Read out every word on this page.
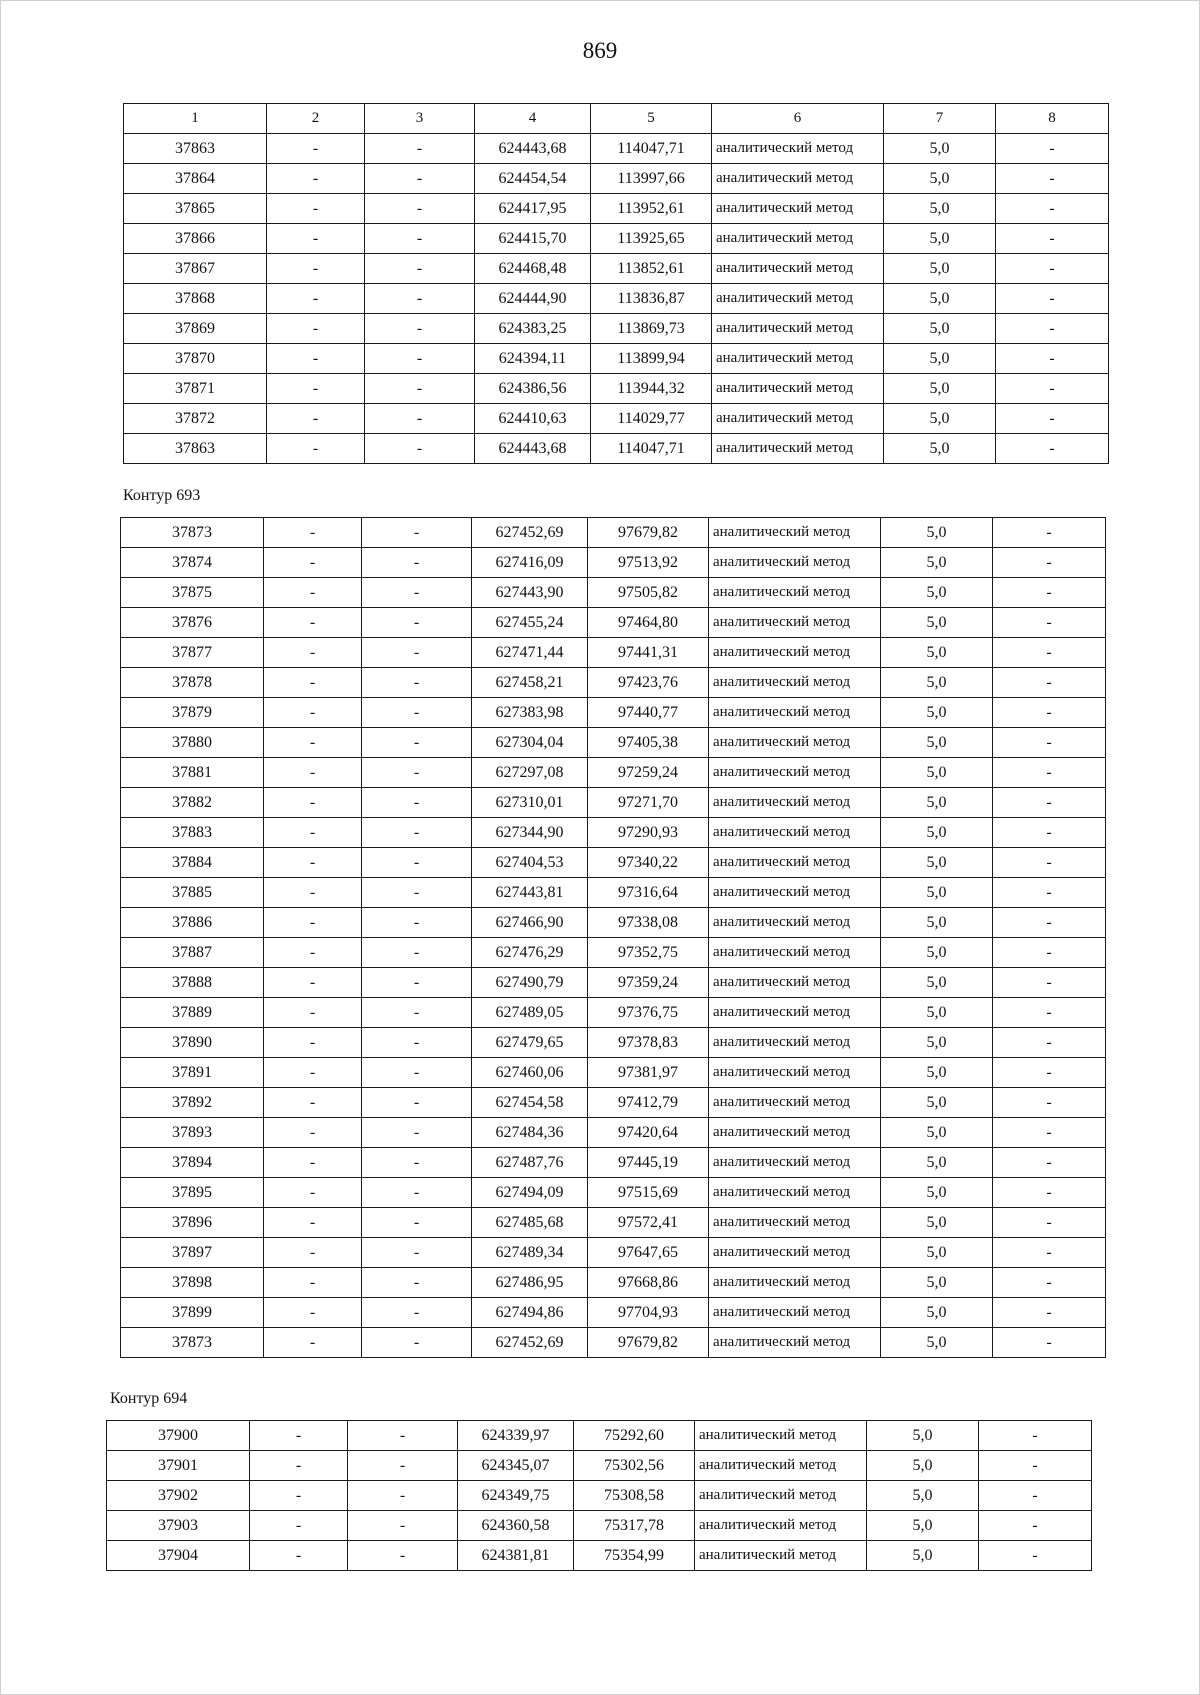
869
1	2	3	4	5	6	7	8
37863	-	-	624443,68	114047,71	аналитический метод	5,0	-
37864	-	-	624454,54	113997,66	аналитический метод	5,0	-
37865	-	-	624417,95	113952,61	аналитический метод	5,0	-
37866	-	-	624415,70	113925,65	аналитический метод	5,0	-
37867	-	-	624468,48	113852,61	аналитический метод	5,0	-
37868	-	-	624444,90	113836,87	аналитический метод	5,0	-
37869	-	-	624383,25	113869,73	аналитический метод	5,0	-
37870	-	-	624394,11	113899,94	аналитический метод	5,0	-
37871	-	-	624386,56	113944,32	аналитический метод	5,0	-
37872	-	-	624410,63	114029,77	аналитический метод	5,0	-
37863	-	-	624443,68	114047,71	аналитический метод	5,0	-
Контур 693
37873	-	-	627452,69	97679,82	аналитический метод	5,0	-
37874	-	-	627416,09	97513,92	аналитический метод	5,0	-
37875	-	-	627443,90	97505,82	аналитический метод	5,0	-
37876	-	-	627455,24	97464,80	аналитический метод	5,0	-
37877	-	-	627471,44	97441,31	аналитический метод	5,0	-
37878	-	-	627458,21	97423,76	аналитический метод	5,0	-
37879	-	-	627383,98	97440,77	аналитический метод	5,0	-
37880	-	-	627304,04	97405,38	аналитический метод	5,0	-
37881	-	-	627297,08	97259,24	аналитический метод	5,0	-
37882	-	-	627310,01	97271,70	аналитический метод	5,0	-
37883	-	-	627344,90	97290,93	аналитический метод	5,0	-
37884	-	-	627404,53	97340,22	аналитический метод	5,0	-
37885	-	-	627443,81	97316,64	аналитический метод	5,0	-
37886	-	-	627466,90	97338,08	аналитический метод	5,0	-
37887	-	-	627476,29	97352,75	аналитический метод	5,0	-
37888	-	-	627490,79	97359,24	аналитический метод	5,0	-
37889	-	-	627489,05	97376,75	аналитический метод	5,0	-
37890	-	-	627479,65	97378,83	аналитический метод	5,0	-
37891	-	-	627460,06	97381,97	аналитический метод	5,0	-
37892	-	-	627454,58	97412,79	аналитический метод	5,0	-
37893	-	-	627484,36	97420,64	аналитический метод	5,0	-
37894	-	-	627487,76	97445,19	аналитический метод	5,0	-
37895	-	-	627494,09	97515,69	аналитический метод	5,0	-
37896	-	-	627485,68	97572,41	аналитический метод	5,0	-
37897	-	-	627489,34	97647,65	аналитический метод	5,0	-
37898	-	-	627486,95	97668,86	аналитический метод	5,0	-
37899	-	-	627494,86	97704,93	аналитический метод	5,0	-
37873	-	-	627452,69	97679,82	аналитический метод	5,0	-
Контур 694
37900	-	-	624339,97	75292,60	аналитический метод	5,0	-
37901	-	-	624345,07	75302,56	аналитический метод	5,0	-
37902	-	-	624349,75	75308,58	аналитический метод	5,0	-
37903	-	-	624360,58	75317,78	аналитический метод	5,0	-
37904	-	-	624381,81	75354,99	аналитический метод	5,0	-
